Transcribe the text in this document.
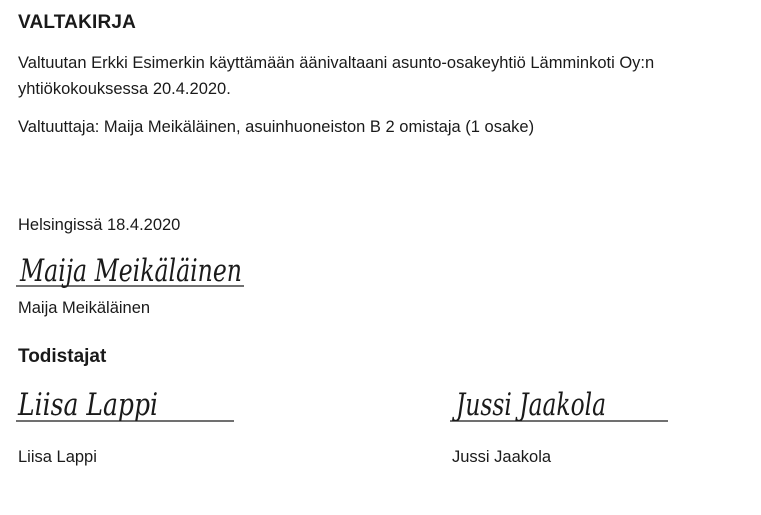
VALTAKIRJA

Valtuutan Erkki Esimerkin käyttämään äänivaltaani asunto-osakeyhtiö Lämminkoti Oy:n yhtiökokouksessa 20.4.2020.

Valtuuttaja: Maija Meikäläinen, asuinhuoneiston B 2 omistaja (1 osake)

Helsingissä 18.4.2020

Maija Meikäläinen

Maija Meikäläinen

Todistajat
Liisa Lappi	Jussi Jaakola

Liisa Lappi	Jussi Jaakola
